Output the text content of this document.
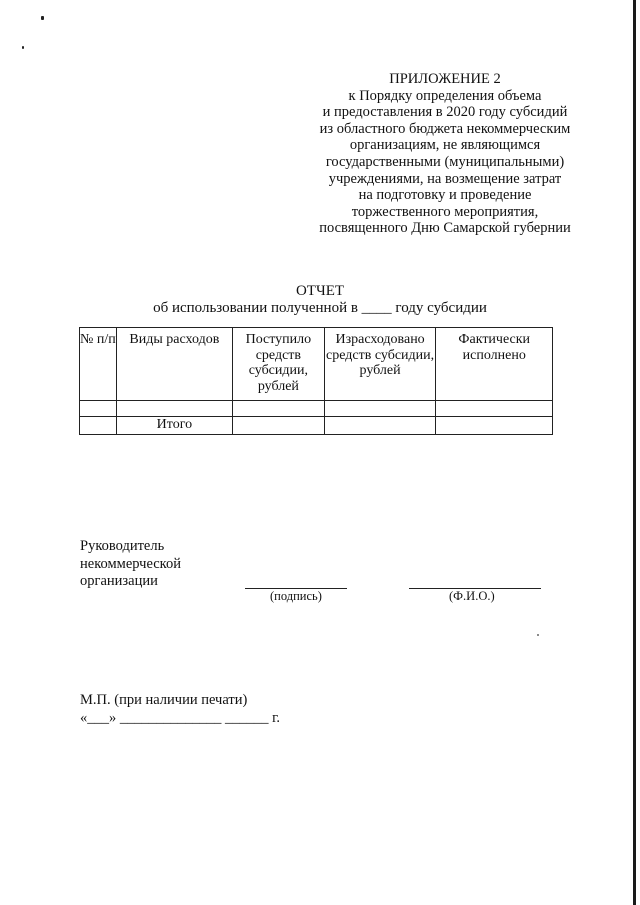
ПРИЛОЖЕНИЕ 2
к Порядку определения объема
и предоставления в 2020 году субсидий
из областного бюджета некоммерческим
организациям, не являющимся
государственными (муниципальными)
учреждениями, на возмещение затрат
на подготовку и проведение
торжественного мероприятия,
посвященного Дню Самарской губернии
ОТЧЕТ
об использовании полученной в ____ году субсидии
№ п/п	Виды расходов	Поступило средств субсидии, рублей	Израсходовано средств субсидии, рублей	Фактически исполнено

	Итого			
Руководитель
некоммерческой
организации
(подпись)	(Ф.И.О.)
М.П. (при наличии печати)
«___» ______________ ______ г.
